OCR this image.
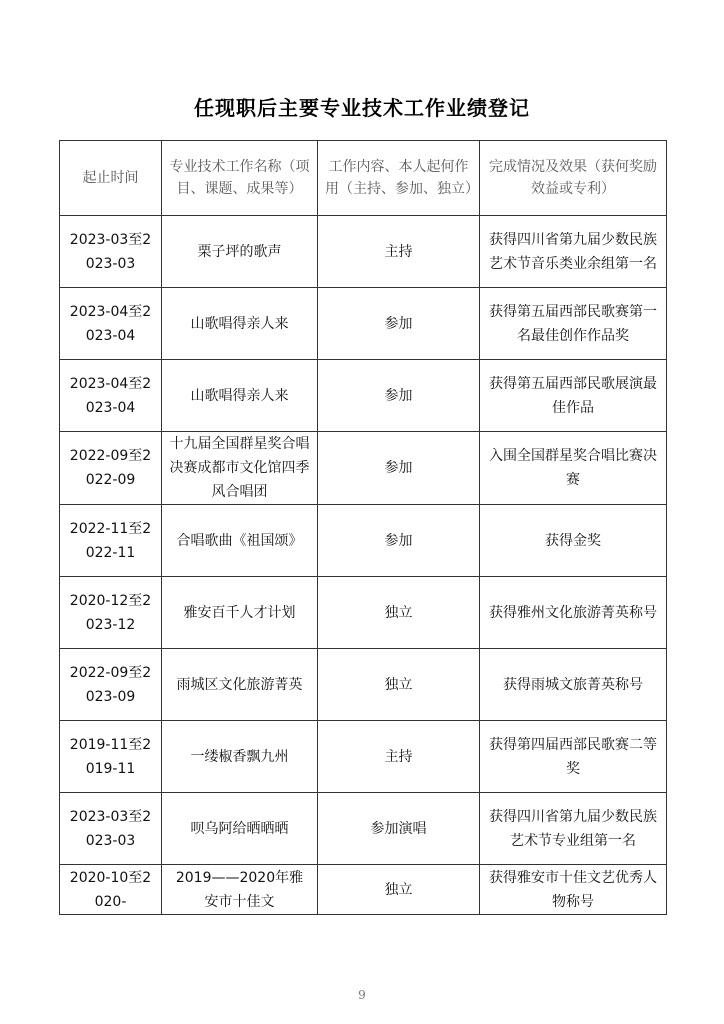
任现职后主要专业技术工作业绩登记
起止时间	专业技术工作名称（项目、课题、成果等）	工作内容、本人起何作用（主持、参加、独立）	完成情况及效果（获何奖励效益或专利）
2023-03至2023-03	栗子坪的歌声	主持	获得四川省第九届少数民族艺术节音乐类业余组第一名
2023-04至2023-04	山歌唱得亲人来	参加	获得第五届西部民歌赛第一名最佳创作作品奖
2023-04至2023-04	山歌唱得亲人来	参加	获得第五届西部民歌展演最佳作品
2022-09至2022-09	十九届全国群星奖合唱决赛成都市文化馆四季风合唱团	参加	入围全国群星奖合唱比赛决赛
2022-11至2022-11	合唱歌曲《祖国颂》	参加	获得金奖
2020-12至2023-12	雅安百千人才计划	独立	获得雅州文化旅游菁英称号
2022-09至2023-09	雨城区文化旅游菁英	独立	获得雨城文旅菁英称号
2019-11至2019-11	一缕椒香飘九州	主持	获得第四届西部民歌赛二等奖
2023-03至2023-03	呗乌阿给晒晒晒	参加演唱	获得四川省第九届少数民族艺术节专业组第一名
2020-10至2020-	2019——2020年雅安市十佳文	独立	获得雅安市十佳文艺优秀人物称号
9
